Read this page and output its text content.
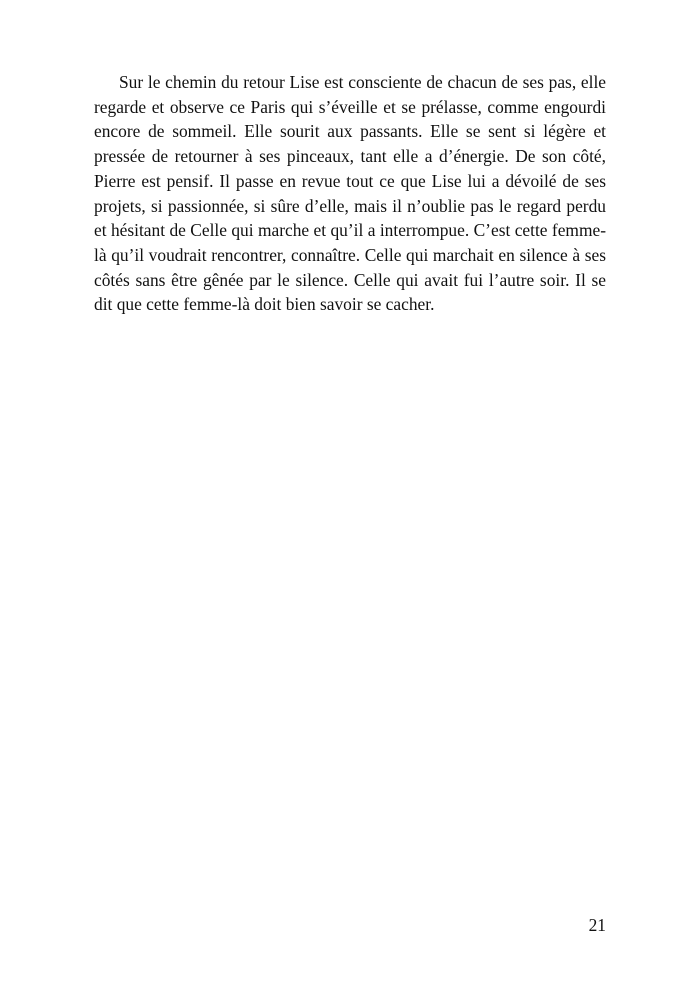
Sur le chemin du retour Lise est consciente de chacun de ses pas, elle regarde et observe ce Paris qui s’éveille et se prélasse, comme engourdi encore de sommeil. Elle sourit aux passants. Elle se sent si légère et pressée de retourner à ses pinceaux, tant elle a d’énergie. De son côté, Pierre est pensif. Il passe en revue tout ce que Lise lui a dévoilé de ses projets, si passionnée, si sûre d’elle, mais il n’oublie pas le regard perdu et hésitant de Celle qui marche et qu’il a interrompue. C’est cette femme-là qu’il voudrait rencontrer, connaître. Celle qui marchait en silence à ses côtés sans être gênée par le silence. Celle qui avait fui l’autre soir. Il se dit que cette femme-là doit bien savoir se cacher.

21
